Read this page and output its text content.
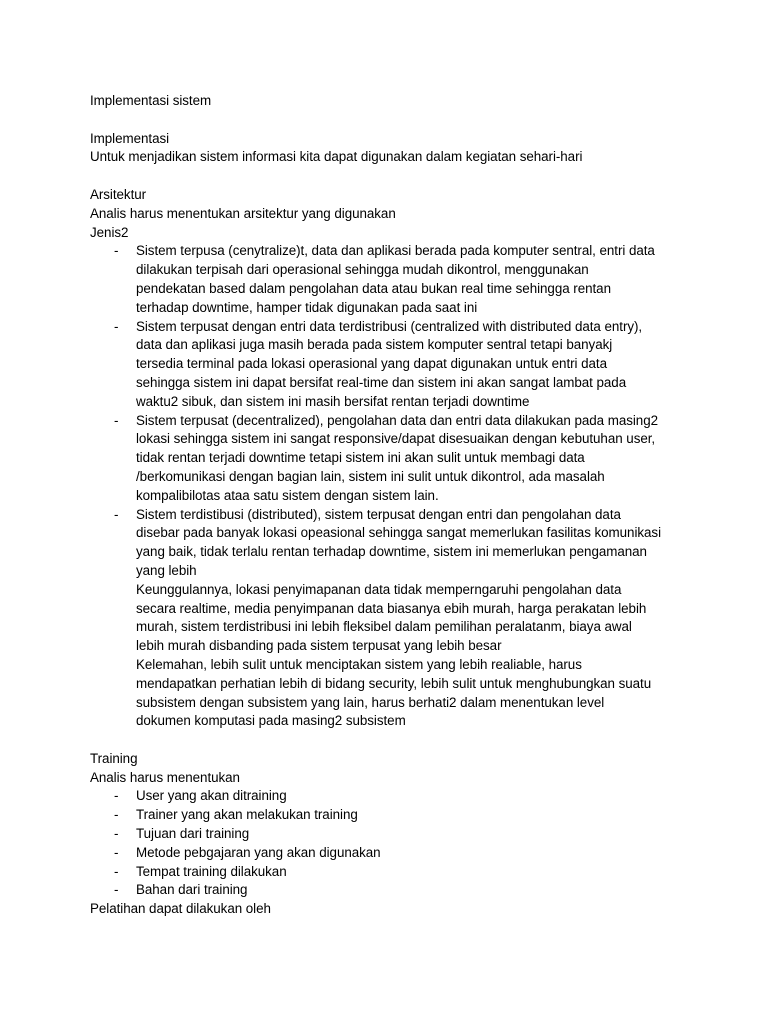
Implementasi sistem
Implementasi
Untuk menjadikan sistem informasi kita dapat digunakan dalam kegiatan sehari-hari
Arsitektur
Analis harus menentukan arsitektur yang digunakan
Jenis2
- Sistem terpusa (cenytralize)t, data dan aplikasi berada pada komputer sentral, entri data
dilakukan terpisah dari operasional sehingga mudah dikontrol, menggunakan
pendekatan based dalam pengolahan data atau bukan real time sehingga rentan
terhadap downtime, hamper tidak digunakan pada saat ini
- Sistem terpusat dengan entri data terdistribusi (centralized with distributed data entry),
data dan aplikasi juga masih berada pada sistem komputer sentral tetapi banyakj
tersedia terminal pada lokasi operasional yang dapat digunakan untuk entri data
sehingga sistem ini dapat bersifat real-time dan sistem ini akan sangat lambat pada
waktu2 sibuk, dan sistem ini masih bersifat rentan terjadi downtime
- Sistem terpusat (decentralized), pengolahan data dan entri data dilakukan pada masing2
lokasi sehingga sistem ini sangat responsive/dapat disesuaikan dengan kebutuhan user,
tidak rentan terjadi downtime tetapi sistem ini akan sulit untuk membagi data
/berkomunikasi dengan bagian lain, sistem ini sulit untuk dikontrol, ada masalah
kompalibilotas ataa satu sistem dengan sistem lain.
- Sistem terdistibusi (distributed), sistem terpusat dengan entri dan pengolahan data
disebar pada banyak lokasi opeasional sehingga sangat memerlukan fasilitas komunikasi
yang baik, tidak terlalu rentan terhadap downtime, sistem ini memerlukan pengamanan
yang lebih
Keunggulannya, lokasi penyimapanan data tidak memperngaruhi pengolahan data
secara realtime, media penyimpanan data biasanya ebih murah, harga perakatan lebih
murah, sistem terdistribusi ini lebih fleksibel dalam pemilihan peralatanm, biaya awal
lebih murah disbanding pada sistem terpusat yang lebih besar
Kelemahan, lebih sulit untuk menciptakan sistem yang lebih realiable, harus
mendapatkan perhatian lebih di bidang security, lebih sulit untuk menghubungkan suatu
subsistem dengan subsistem yang lain, harus berhati2 dalam menentukan level
dokumen komputasi pada masing2 subsistem
Training
Analis harus menentukan
- User yang akan ditraining
- Trainer yang akan melakukan training
- Tujuan dari training
- Metode pebgajaran yang akan digunakan
- Tempat training dilakukan
- Bahan dari training
Pelatihan dapat dilakukan oleh
